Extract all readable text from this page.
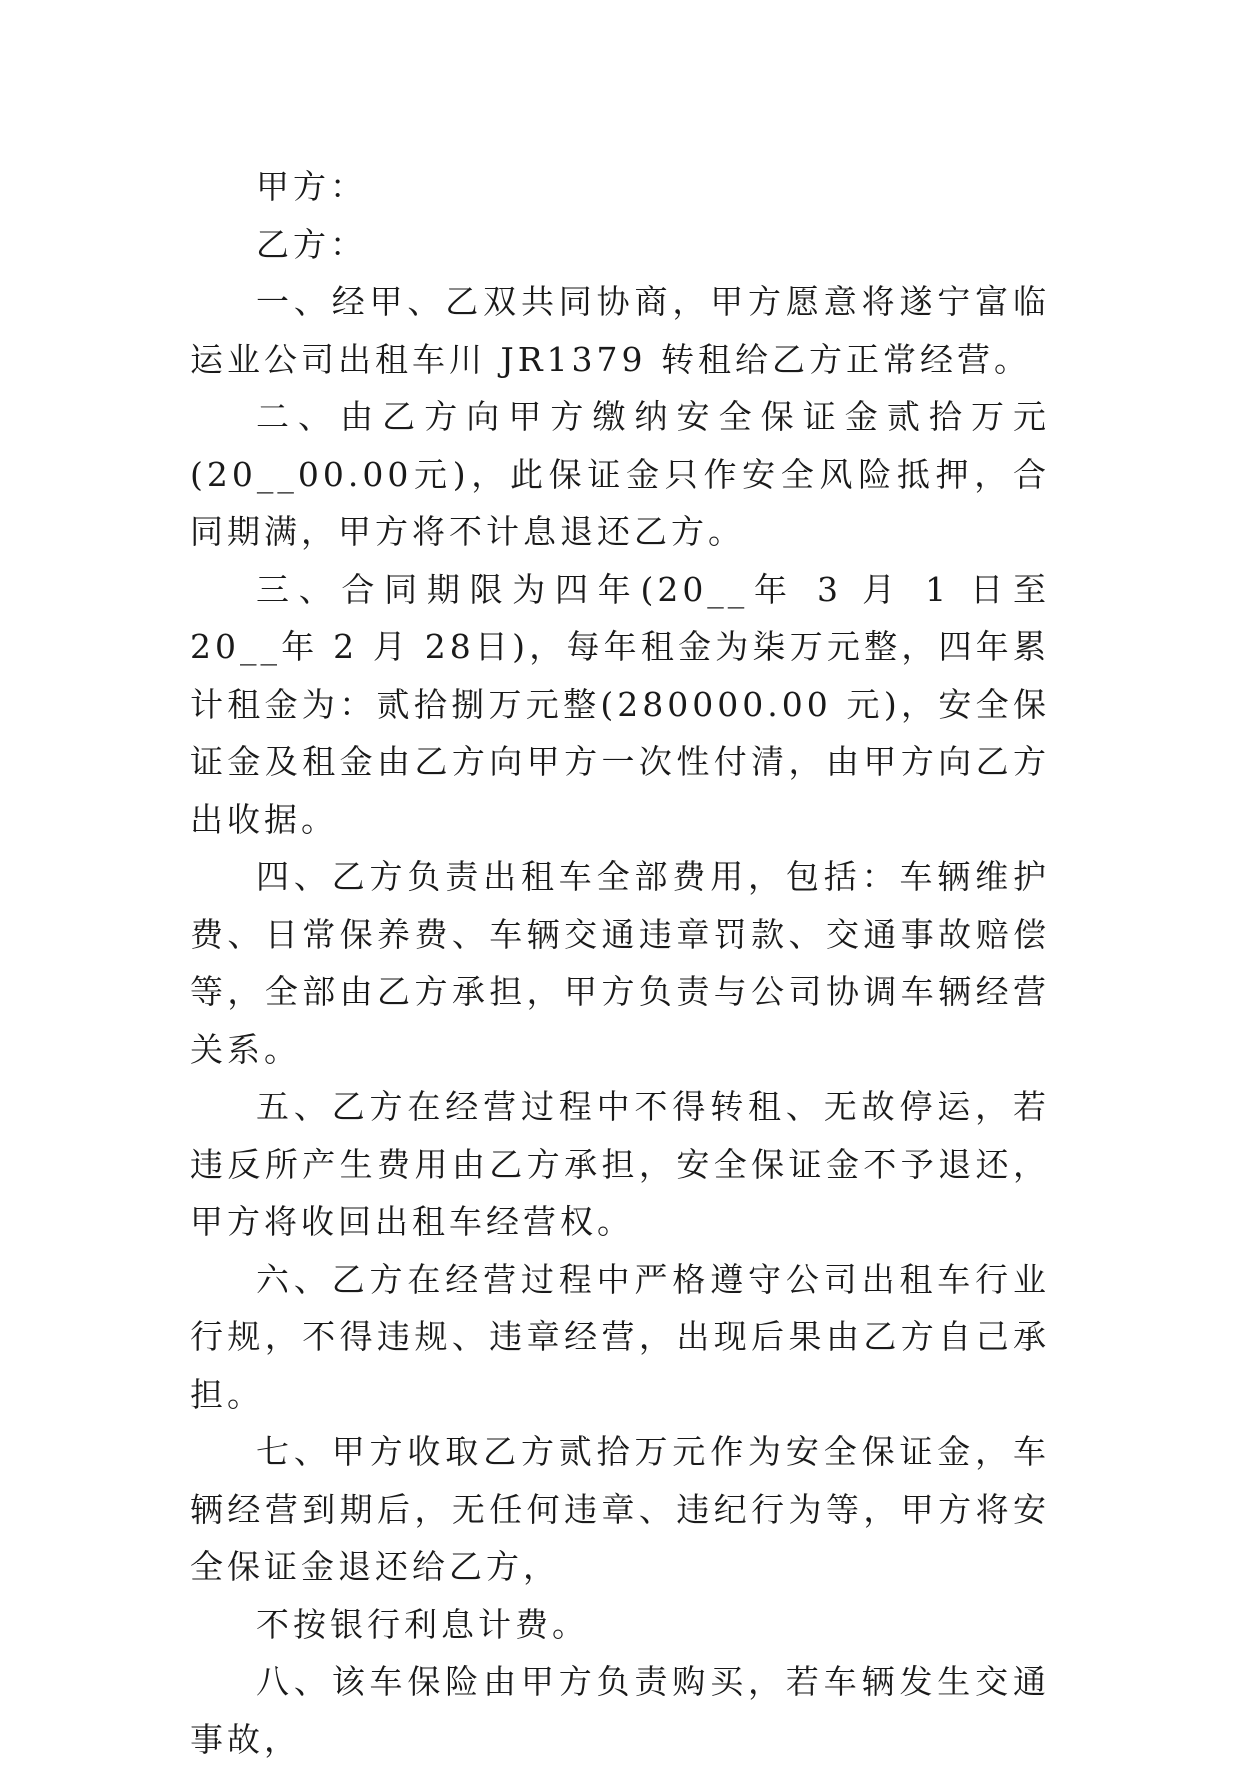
甲方：

乙方：

一、经甲、乙双共同协商，甲方愿意将遂宁富临运业公司出租车川 JR1379 转租给乙方正常经营。

二、由乙方向甲方缴纳安全保证金贰拾万元(20__00.00元)，此保证金只作安全风险抵押，合同期满，甲方将不计息退还乙方。

三、合同期限为四年(20__年 3 月 1 日至 20__年 2 月 28日)，每年租金为柒万元整，四年累计租金为：贰拾捌万元整(280000.00 元)，安全保证金及租金由乙方向甲方一次性付清，由甲方向乙方出收据。

四、乙方负责出租车全部费用，包括：车辆维护费、日常保养费、车辆交通违章罚款、交通事故赔偿等，全部由乙方承担，甲方负责与公司协调车辆经营关系。

五、乙方在经营过程中不得转租、无故停运，若违反所产生费用由乙方承担，安全保证金不予退还，甲方将收回出租车经营权。

六、乙方在经营过程中严格遵守公司出租车行业行规，不得违规、违章经营，出现后果由乙方自己承担。

七、甲方收取乙方贰拾万元作为安全保证金，车辆经营到期后，无任何违章、违纪行为等，甲方将安全保证金退还给乙方，

不按银行利息计费。

八、该车保险由甲方负责购买，若车辆发生交通事故，
